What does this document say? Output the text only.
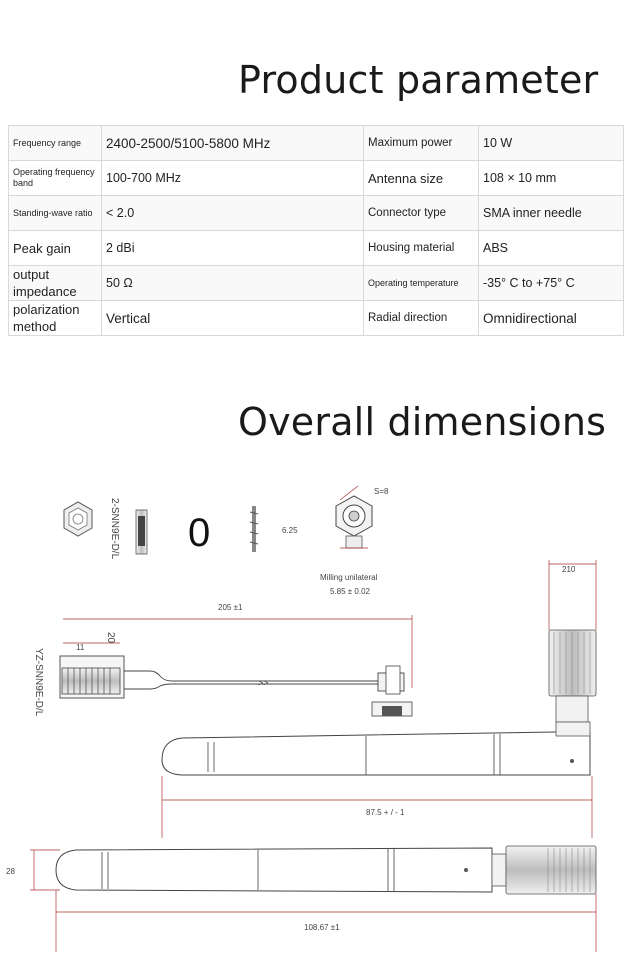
Product parameter
Frequency range	2400-2500/5100-5800 MHz	Maximum power	10 W
Operating frequency band	100-700 MHz	Antenna size	108 × 10 mm
Standing-wave ratio	< 2.0	Connector type	SMA inner needle
Peak gain	2 dBi	Housing material	ABS
output impedance	50 Ω	Operating temperature	-35° C to +75° C
polarization method	Vertical	Radial direction	Omnidirectional
Overall dimensions
2-SNN9E-D/L 0
S=8
6.25
Milling unilateral
5.85 ± 0.02
210
205 ±1
11
20
YZ-SNN9E-D/L	>>
87.5 + / - 1
28
108.67 ±1
